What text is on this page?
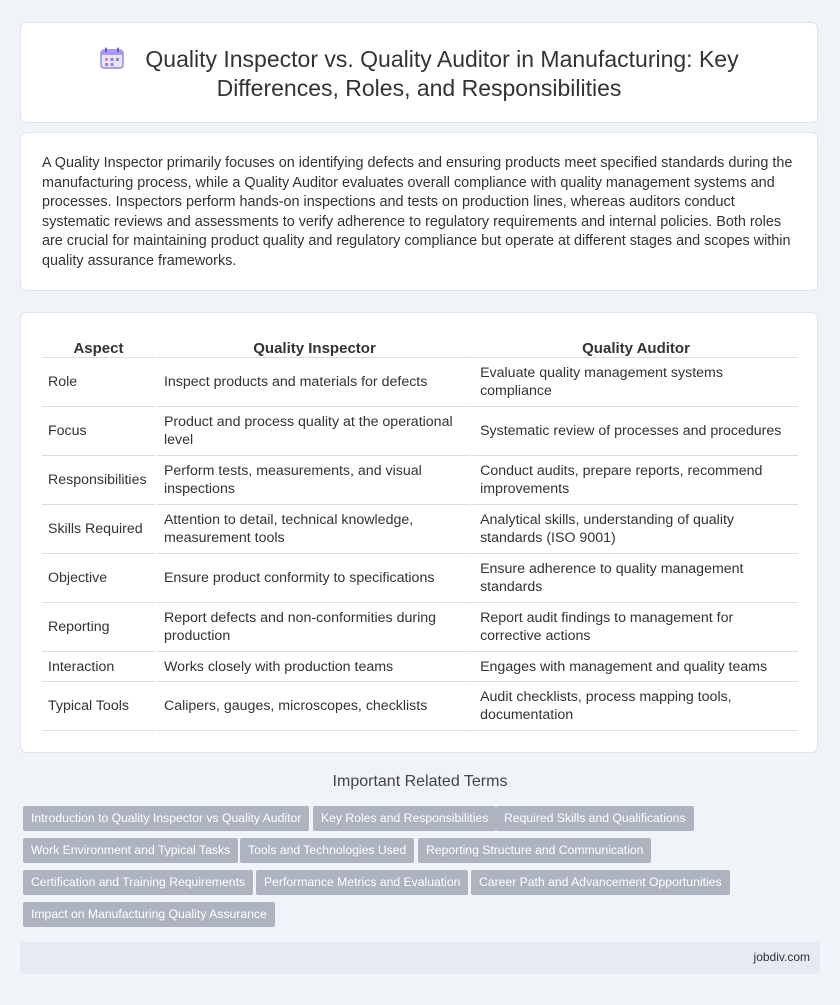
Quality Inspector vs. Quality Auditor in Manufacturing: Key
Differences, Roles, and Responsibilities

A Quality Inspector primarily focuses on identifying defects and ensuring products meet specified standards during the manufacturing process, while a Quality Auditor evaluates overall compliance with quality management systems and processes. Inspectors perform hands-on inspections and tests on production lines, whereas auditors conduct systematic reviews and assessments to verify adherence to regulatory requirements and internal policies. Both roles are crucial for maintaining product quality and regulatory compliance but operate at different stages and scopes within quality assurance frameworks.

Aspect	Quality Inspector	Quality Auditor
Role	Inspect products and materials for defects	Evaluate quality management systems compliance
Focus	Product and process quality at the operational level	Systematic review of processes and procedures
Responsibilities	Perform tests, measurements, and visual inspections	Conduct audits, prepare reports, recommend improvements
Skills Required	Attention to detail, technical knowledge, measurement tools	Analytical skills, understanding of quality standards (ISO 9001)
Objective	Ensure product conformity to specifications	Ensure adherence to quality management standards
Reporting	Report defects and non-conformities during production	Report audit findings to management for corrective actions
Interaction	Works closely with production teams	Engages with management and quality teams
Typical Tools	Calipers, gauges, microscopes, checklists	Audit checklists, process mapping tools, documentation
Important Related Terms
Introduction to Quality Inspector vs Quality Auditor	Key Roles and Responsibilities	Required Skills and Qualifications
Work Environment and Typical Tasks	Tools and Technologies Used	Reporting Structure and Communication
Certification and Training Requirements	Performance Metrics and Evaluation	Career Path and Advancement Opportunities
Impact on Manufacturing Quality Assurance
jobdiv.com
